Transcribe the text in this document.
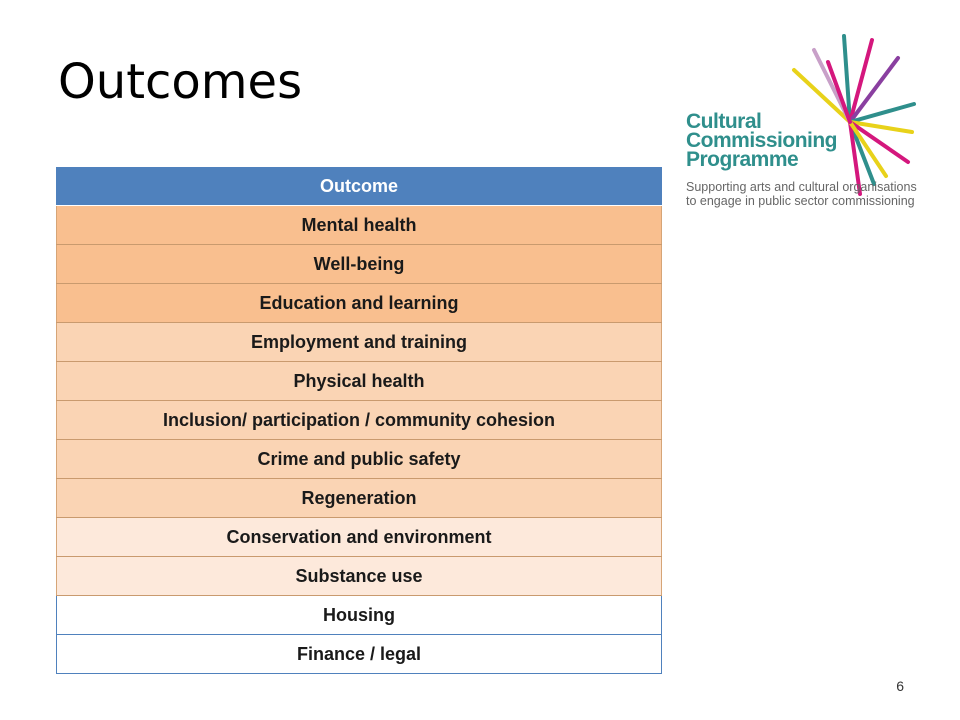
Outcomes
Outcome
Mental health
Well-being
Education and learning
Employment and training
Physical health
Inclusion/ participation / community cohesion
Crime and public safety
Regeneration
Conservation and environment
Substance use
Housing
Finance / legal
Cultural
Commissioning
Programme
Supporting arts and cultural organisations
to engage in public sector commissioning
6
